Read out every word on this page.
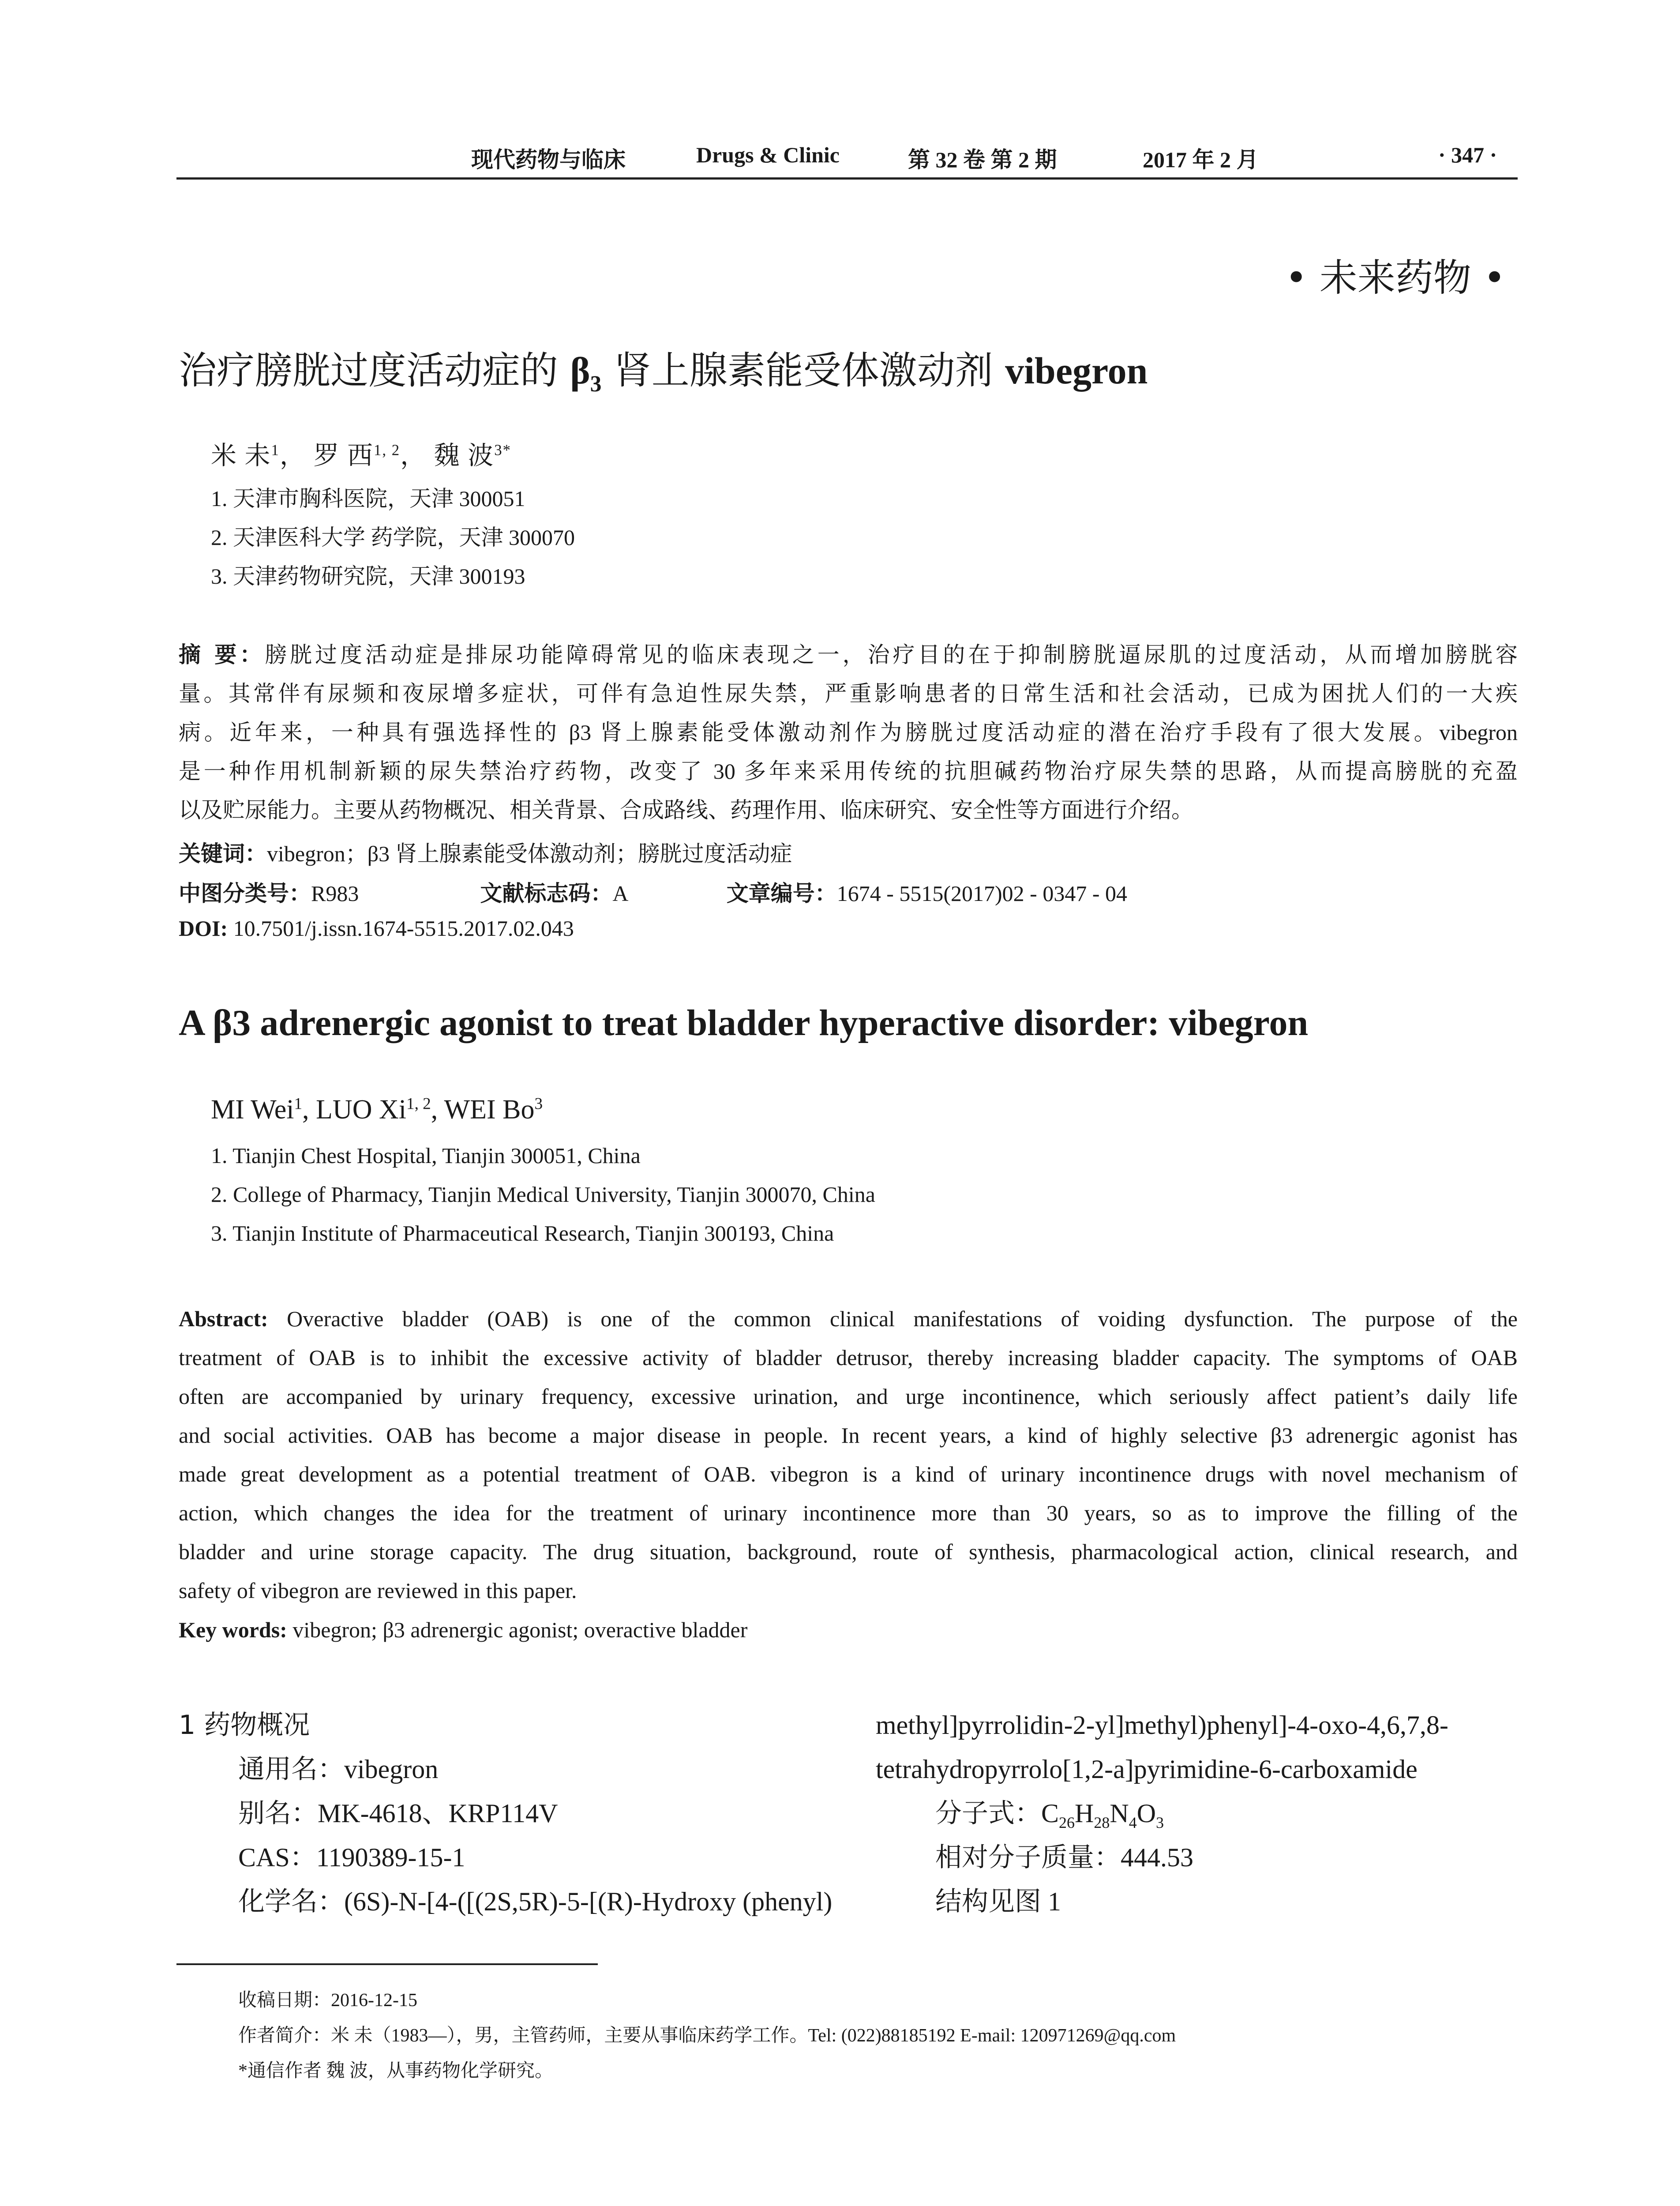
现代药物与临床	Drugs & Clinic	第 32 卷 第 2 期	2017 年 2 月	· 347 ·
• 未来药物 •
治疗膀胱过度活动症的 $\beta_3$ 肾上腺素能受体激动剂 vibegron
米 未$^1$， 罗 西$^{1, 2}$， 魏 波$^{3*}$
1. 天津市胸科医院，天津 300051
2. 天津医科大学 药学院，天津 300070
3. 天津药物研究院，天津 300193
摘 要：膀胱过度活动症是排尿功能障碍常见的临床表现之一，治疗目的在于抑制膀胱逼尿肌的过度活动，从而增加膀胱容
量。其常伴有尿频和夜尿增多症状，可伴有急迫性尿失禁，严重影响患者的日常生活和社会活动，已成为困扰人们的一大疾
病。近年来，一种具有强选择性的 β3 肾上腺素能受体激动剂作为膀胱过度活动症的潜在治疗手段有了很大发展。vibegron
是一种作用机制新颖的尿失禁治疗药物，改变了 30 多年来采用传统的抗胆碱药物治疗尿失禁的思路，从而提高膀胱的充盈
以及贮尿能力。主要从药物概况、相关背景、合成路线、药理作用、临床研究、安全性等方面进行介绍。
关键词：vibegron；β3 肾上腺素能受体激动剂；膀胱过度活动症
中图分类号：R983	文献标志码：A	文章编号：1674 - 5515(2017)02 - 0347 - 04
DOI: 10.7501/j.issn.1674-5515.2017.02.043
A β3 adrenergic agonist to treat bladder hyperactive disorder: vibegron
MI Wei$^1$, LUO Xi$^{1, 2}$, WEI Bo$^3$
1. Tianjin Chest Hospital, Tianjin 300051, China
2. College of Pharmacy, Tianjin Medical University, Tianjin 300070, China
3. Tianjin Institute of Pharmaceutical Research, Tianjin 300193, China
Abstract: Overactive bladder (OAB) is one of the common clinical manifestations of voiding dysfunction. The purpose of the
treatment of OAB is to inhibit the excessive activity of bladder detrusor, thereby increasing bladder capacity. The symptoms of OAB
often are accompanied by urinary frequency, excessive urination, and urge incontinence, which seriously affect patient’s daily life
and social activities. OAB has become a major disease in people. In recent years, a kind of highly selective β3 adrenergic agonist has
made great development as a potential treatment of OAB. vibegron is a kind of urinary incontinence drugs with novel mechanism of
action, which changes the idea for the treatment of urinary incontinence more than 30 years, so as to improve the filling of the
bladder and urine storage capacity. The drug situation, background, route of synthesis, pharmacological action, clinical research, and
safety of vibegron are reviewed in this paper.
Key words: vibegron; β3 adrenergic agonist; overactive bladder
1 药物概况
通用名：vibegron
别名：MK-4618、KRP114V
CAS：1190389-15-1
化学名：(6S)-N-[4-([(2S,5R)-5-[(R)-Hydroxy (phenyl)
methyl]pyrrolidin-2-yl]methyl)phenyl]-4-oxo-4,6,7,8-
tetrahydropyrrolo[1,2-a]pyrimidine-6-carboxamide
分子式：$C_{26}H_{28}N_4O_3$
相对分子质量：444.53
结构见图 1
收稿日期：2016-12-15
作者简介：米 未（1983—），男，主管药师，主要从事临床药学工作。Tel: (022)88185192 E-mail: 120971269@qq.com
*通信作者 魏 波，从事药物化学研究。
